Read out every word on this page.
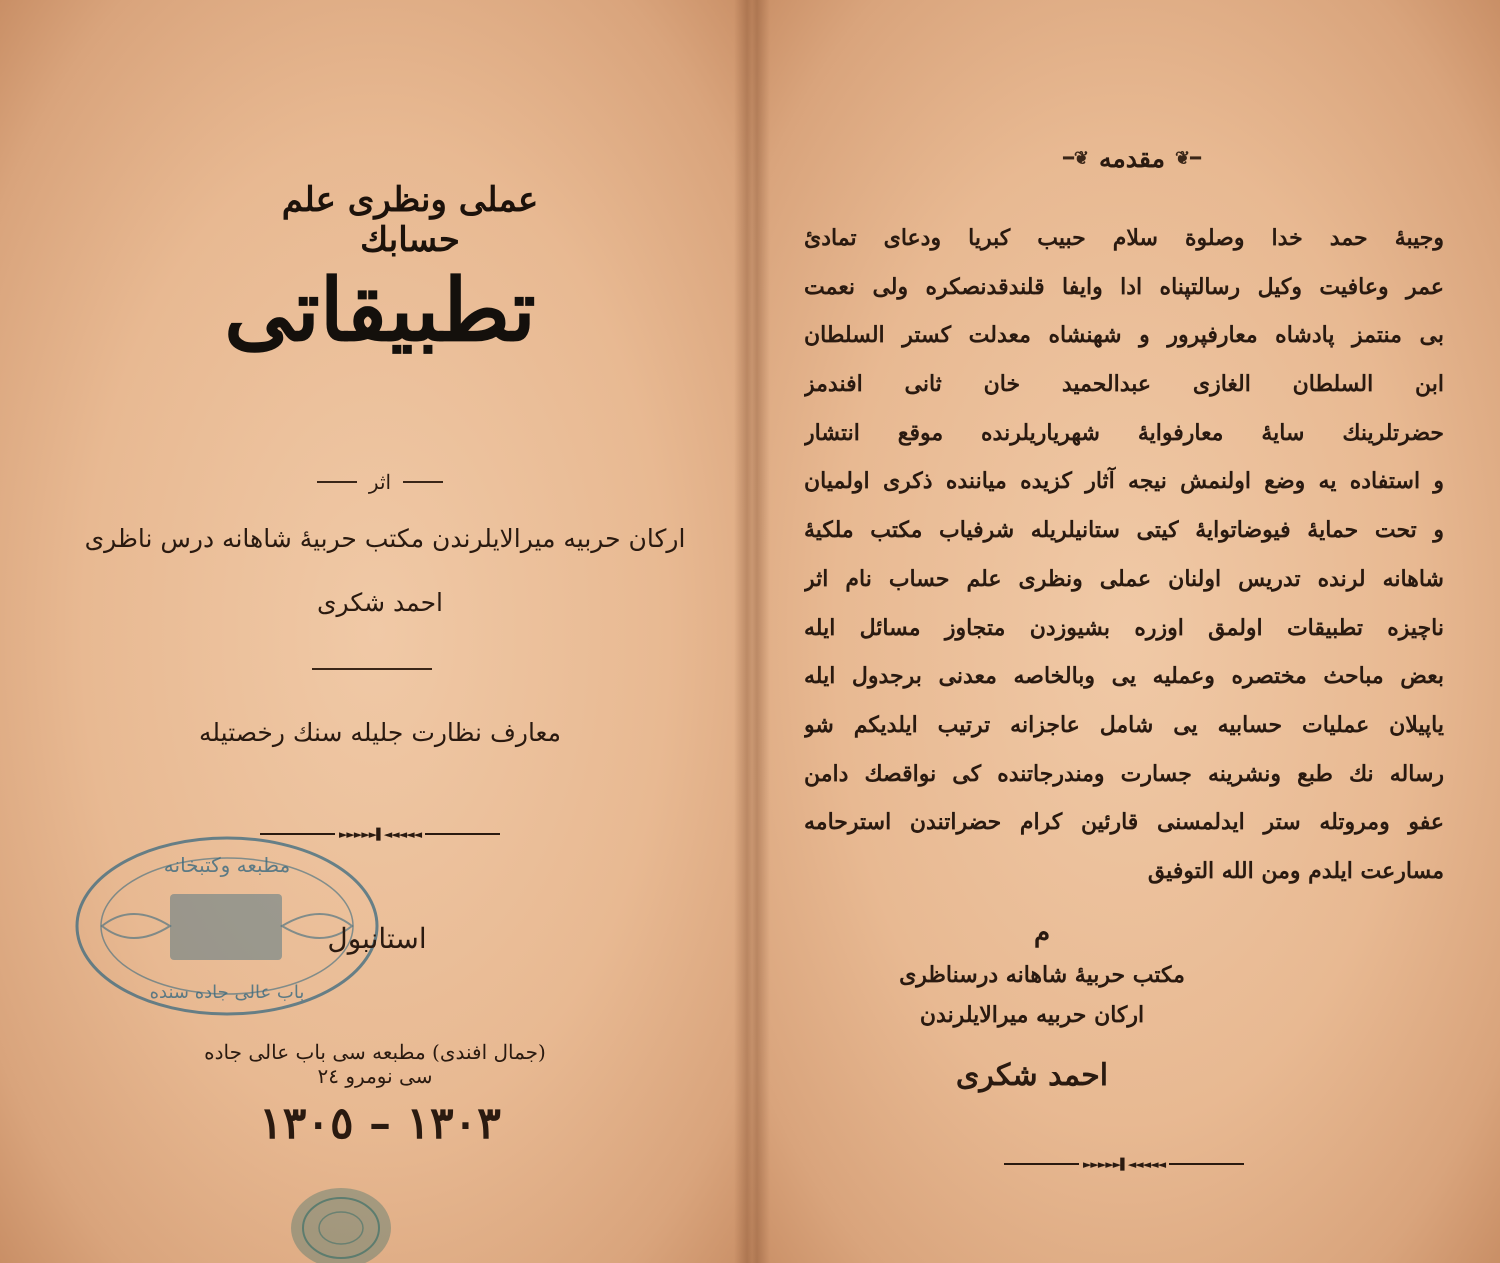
عملی ونظری علم حسابك
تطبیقاتی
اثر
ارکان حربیه میرالایلرندن مکتب حربیهٔ شاهانه درس ناظری
احمد شکری
معارف نظارت جلیله سنك رخصتیله
►►►►►▌◄◄◄◄◄
مطبعه وکتبخانه
باب عالی جاده سنده
استانبول
(جمال افندی) مطبعه سی باب عالی جاده سی نومرو ٢٤
١٣٠٣ – ١٣٠٥
━❦ مقدمه ❦━
وجیبهٔ حمد خدا وصلوة سلام حبیب کبریا ودعای تمادیٔ
عمر وعافیت وکیل رسالتپناه ادا وایفا قلندقدنصکره ولی نعمت
بی منتمز پادشاه معارفپرور و شهنشاه معدلت کستر السلطان
ابن السلطان الغازی عبدالحمید خان ثانی افندمز
حضرتلرینك سایهٔ معارفوایهٔ شهریاریلرنده موقع انتشار
و استفاده یه وضع اولنمش نیجه آثار کزیده میاننده ذکری اولمیان
و تحت حمایهٔ فیوضاتوایهٔ کیتی ستانیلریله شرفیاب مکتب ملکیهٔ
شاهانه لرنده تدریس اولنان عملی ونظری علم حساب نام اثر
ناچیزه تطبیقات اولمق اوزره بشیوزدن متجاوز مسائل ایله
بعض مباحث مختصره وعملیه یی وبالخاصه معدنی برجدول ایله
یاپیلان عملیات حسابیه یی شامل عاجزانه ترتیب ایلدیکم شو
رساله نك طبع ونشرینه جسارت ومندرجاتنده کی نواقصك دامن
عفو ومروتله ستر ایدلمسنی قارئین کرام حضراتندن استرحامه
مسارعت ایلدم ومن الله التوفیق
م
مکتب حربیهٔ شاهانه درسناظری
ارکان حربیه میرالایلرندن
احمد شکری
►►►►►▌◄◄◄◄◄
